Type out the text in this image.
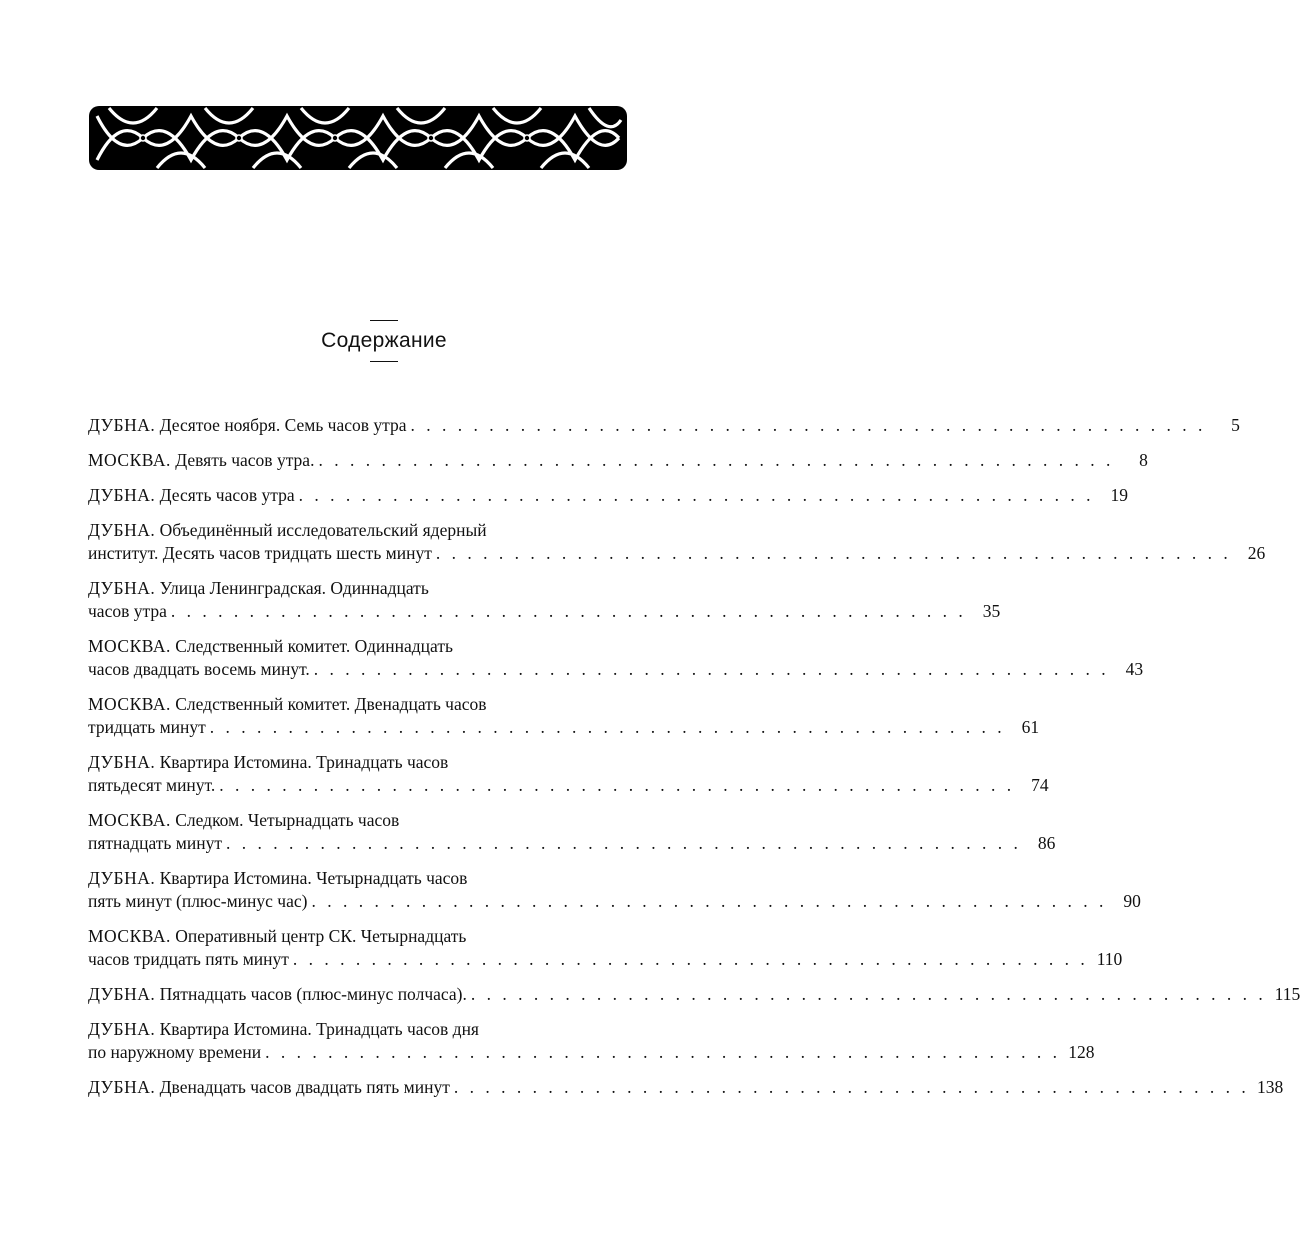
Содержание
ДУБНА. Десятое ноября. Семь часов утра . . . . . . . . . . . . . . . . . . . . . . . . . . . . . . . . . . . . . . . . . . . . . . . . . . .	5
МОСКВА. Девять часов утра. . . . . . . . . . . . . . . . . . . . . . . . . . . . . . . . . . . . . . . . . . . . . . . . . . . .	8
ДУБНА. Десять часов утра . . . . . . . . . . . . . . . . . . . . . . . . . . . . . . . . . . . . . . . . . . . . . . . . . . . 19
ДУБНА. Объединённый исследовательский ядерный
институт. Десять часов тридцать шесть минут . . . . . . . . . . . . . . . . . . . . . . . . . . . . . . . . . . . . . . . . . . . . . . . . . . . 26
ДУБНА. Улица Ленинградская. Одиннадцать
часов утра . . . . . . . . . . . . . . . . . . . . . . . . . . . . . . . . . . . . . . . . . . . . . . . . . . . 35
МОСКВА. Следственный комитет. Одиннадцать
часов двадцать восемь минут. . . . . . . . . . . . . . . . . . . . . . . . . . . . . . . . . . . . . . . . . . . . . . . . . . . . 43
МОСКВА. Следственный комитет. Двенадцать часов
тридцать минут . . . . . . . . . . . . . . . . . . . . . . . . . . . . . . . . . . . . . . . . . . . . . . . . . . . 61
ДУБНА. Квартира Истомина. Тринадцать часов
пятьдесят минут. . . . . . . . . . . . . . . . . . . . . . . . . . . . . . . . . . . . . . . . . . . . . . . . . . . . 74
МОСКВА. Следком. Четырнадцать часов
пятнадцать минут . . . . . . . . . . . . . . . . . . . . . . . . . . . . . . . . . . . . . . . . . . . . . . . . . . . 86
ДУБНА. Квартира Истомина. Четырнадцать часов
пять минут (плюс-минус час) . . . . . . . . . . . . . . . . . . . . . . . . . . . . . . . . . . . . . . . . . . . . . . . . . . . 90
МОСКВА. Оперативный центр СК. Четырнадцать
часов тридцать пять минут . . . . . . . . . . . . . . . . . . . . . . . . . . . . . . . . . . . . . . . . . . . . . . . . . . . 110
ДУБНА. Пятнадцать часов (плюс-минус полчаса). . . . . . . . . . . . . . . . . . . . . . . . . . . . . . . . . . . . . . . . . . . . . . . . . . . . 115
ДУБНА. Квартира Истомина. Тринадцать часов дня
по наружному времени . . . . . . . . . . . . . . . . . . . . . . . . . . . . . . . . . . . . . . . . . . . . . . . . . . . 128
ДУБНА. Двенадцать часов двадцать пять минут . . . . . . . . . . . . . . . . . . . . . . . . . . . . . . . . . . . . . . . . . . . . . . . . . . . 138
